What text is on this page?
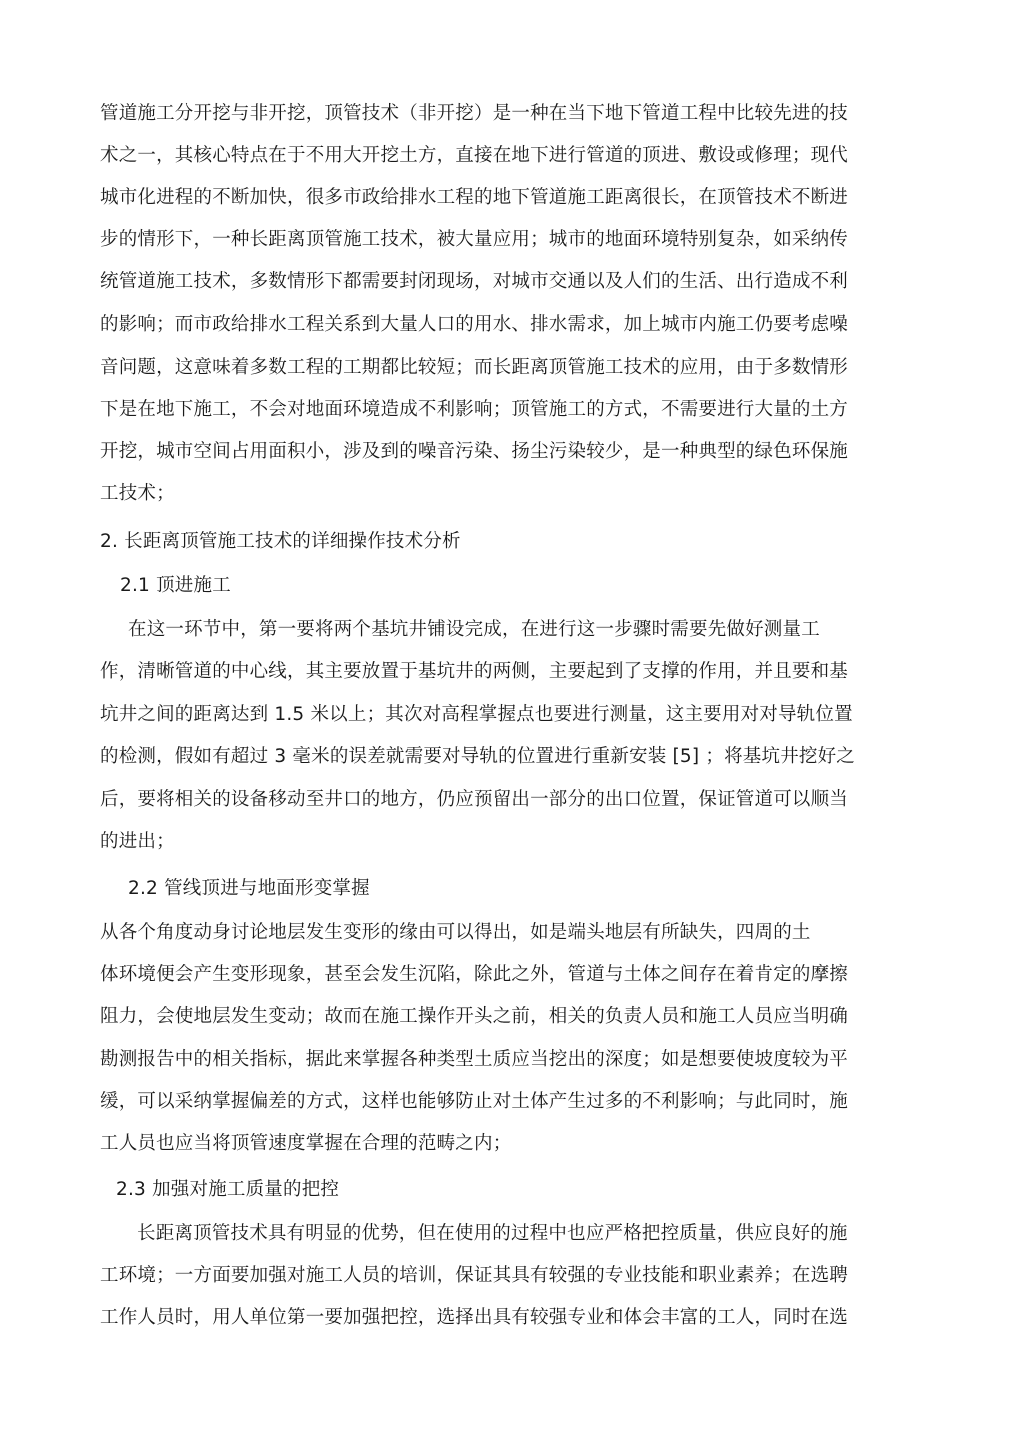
管道施工分开挖与非开挖，顶管技术（非开挖）是一种在当下地下管道工程中比较先进的技
术之一，其核心特点在于不用大开挖土方，直接在地下进行管道的顶进、敷设或修理；现代
城市化进程的不断加快，很多市政给排水工程的地下管道施工距离很长，在顶管技术不断进
步的情形下，一种长距离顶管施工技术，被大量应用；城市的地面环境特别复杂，如采纳传
统管道施工技术，多数情形下都需要封闭现场，对城市交通以及人们的生活、出行造成不利
的影响；而市政给排水工程关系到大量人口的用水、排水需求，加上城市内施工仍要考虑噪
音问题，这意味着多数工程的工期都比较短；而长距离顶管施工技术的应用，由于多数情形
下是在地下施工，不会对地面环境造成不利影响；顶管施工的方式，不需要进行大量的土方
开挖，城市空间占用面积小，涉及到的噪音污染、扬尘污染较少，是一种典型的绿色环保施
工技术；
2. 长距离顶管施工技术的详细操作技术分析
2.1 顶进施工
在这一环节中，第一要将两个基坑井铺设完成，在进行这一步骤时需要先做好测量工
作，清晰管道的中心线，其主要放置于基坑井的两侧，主要起到了支撑的作用，并且要和基
坑井之间的距离达到 1.5 米以上；其次对高程掌握点也要进行测量，这主要用对对导轨位置
的检测，假如有超过 3 毫米的误差就需要对导轨的位置进行重新安装 [5] ；将基坑井挖好之
后，要将相关的设备移动至井口的地方，仍应预留出一部分的出口位置，保证管道可以顺当
的进出；
2.2 管线顶进与地面形变掌握
从各个角度动身讨论地层发生变形的缘由可以得出，如是端头地层有所缺失，四周的土
体环境便会产生变形现象，甚至会发生沉陷，除此之外，管道与土体之间存在着肯定的摩擦
阻力，会使地层发生变动；故而在施工操作开头之前，相关的负责人员和施工人员应当明确
勘测报告中的相关指标，据此来掌握各种类型土质应当挖出的深度；如是想要使坡度较为平
缓，可以采纳掌握偏差的方式，这样也能够防止对土体产生过多的不利影响；与此同时，施
工人员也应当将顶管速度掌握在合理的范畴之内；
2.3 加强对施工质量的把控
长距离顶管技术具有明显的优势，但在使用的过程中也应严格把控质量，供应良好的施
工环境；一方面要加强对施工人员的培训，保证其具有较强的专业技能和职业素养；在选聘
工作人员时，用人单位第一要加强把控，选择出具有较强专业和体会丰富的工人，同时在选
